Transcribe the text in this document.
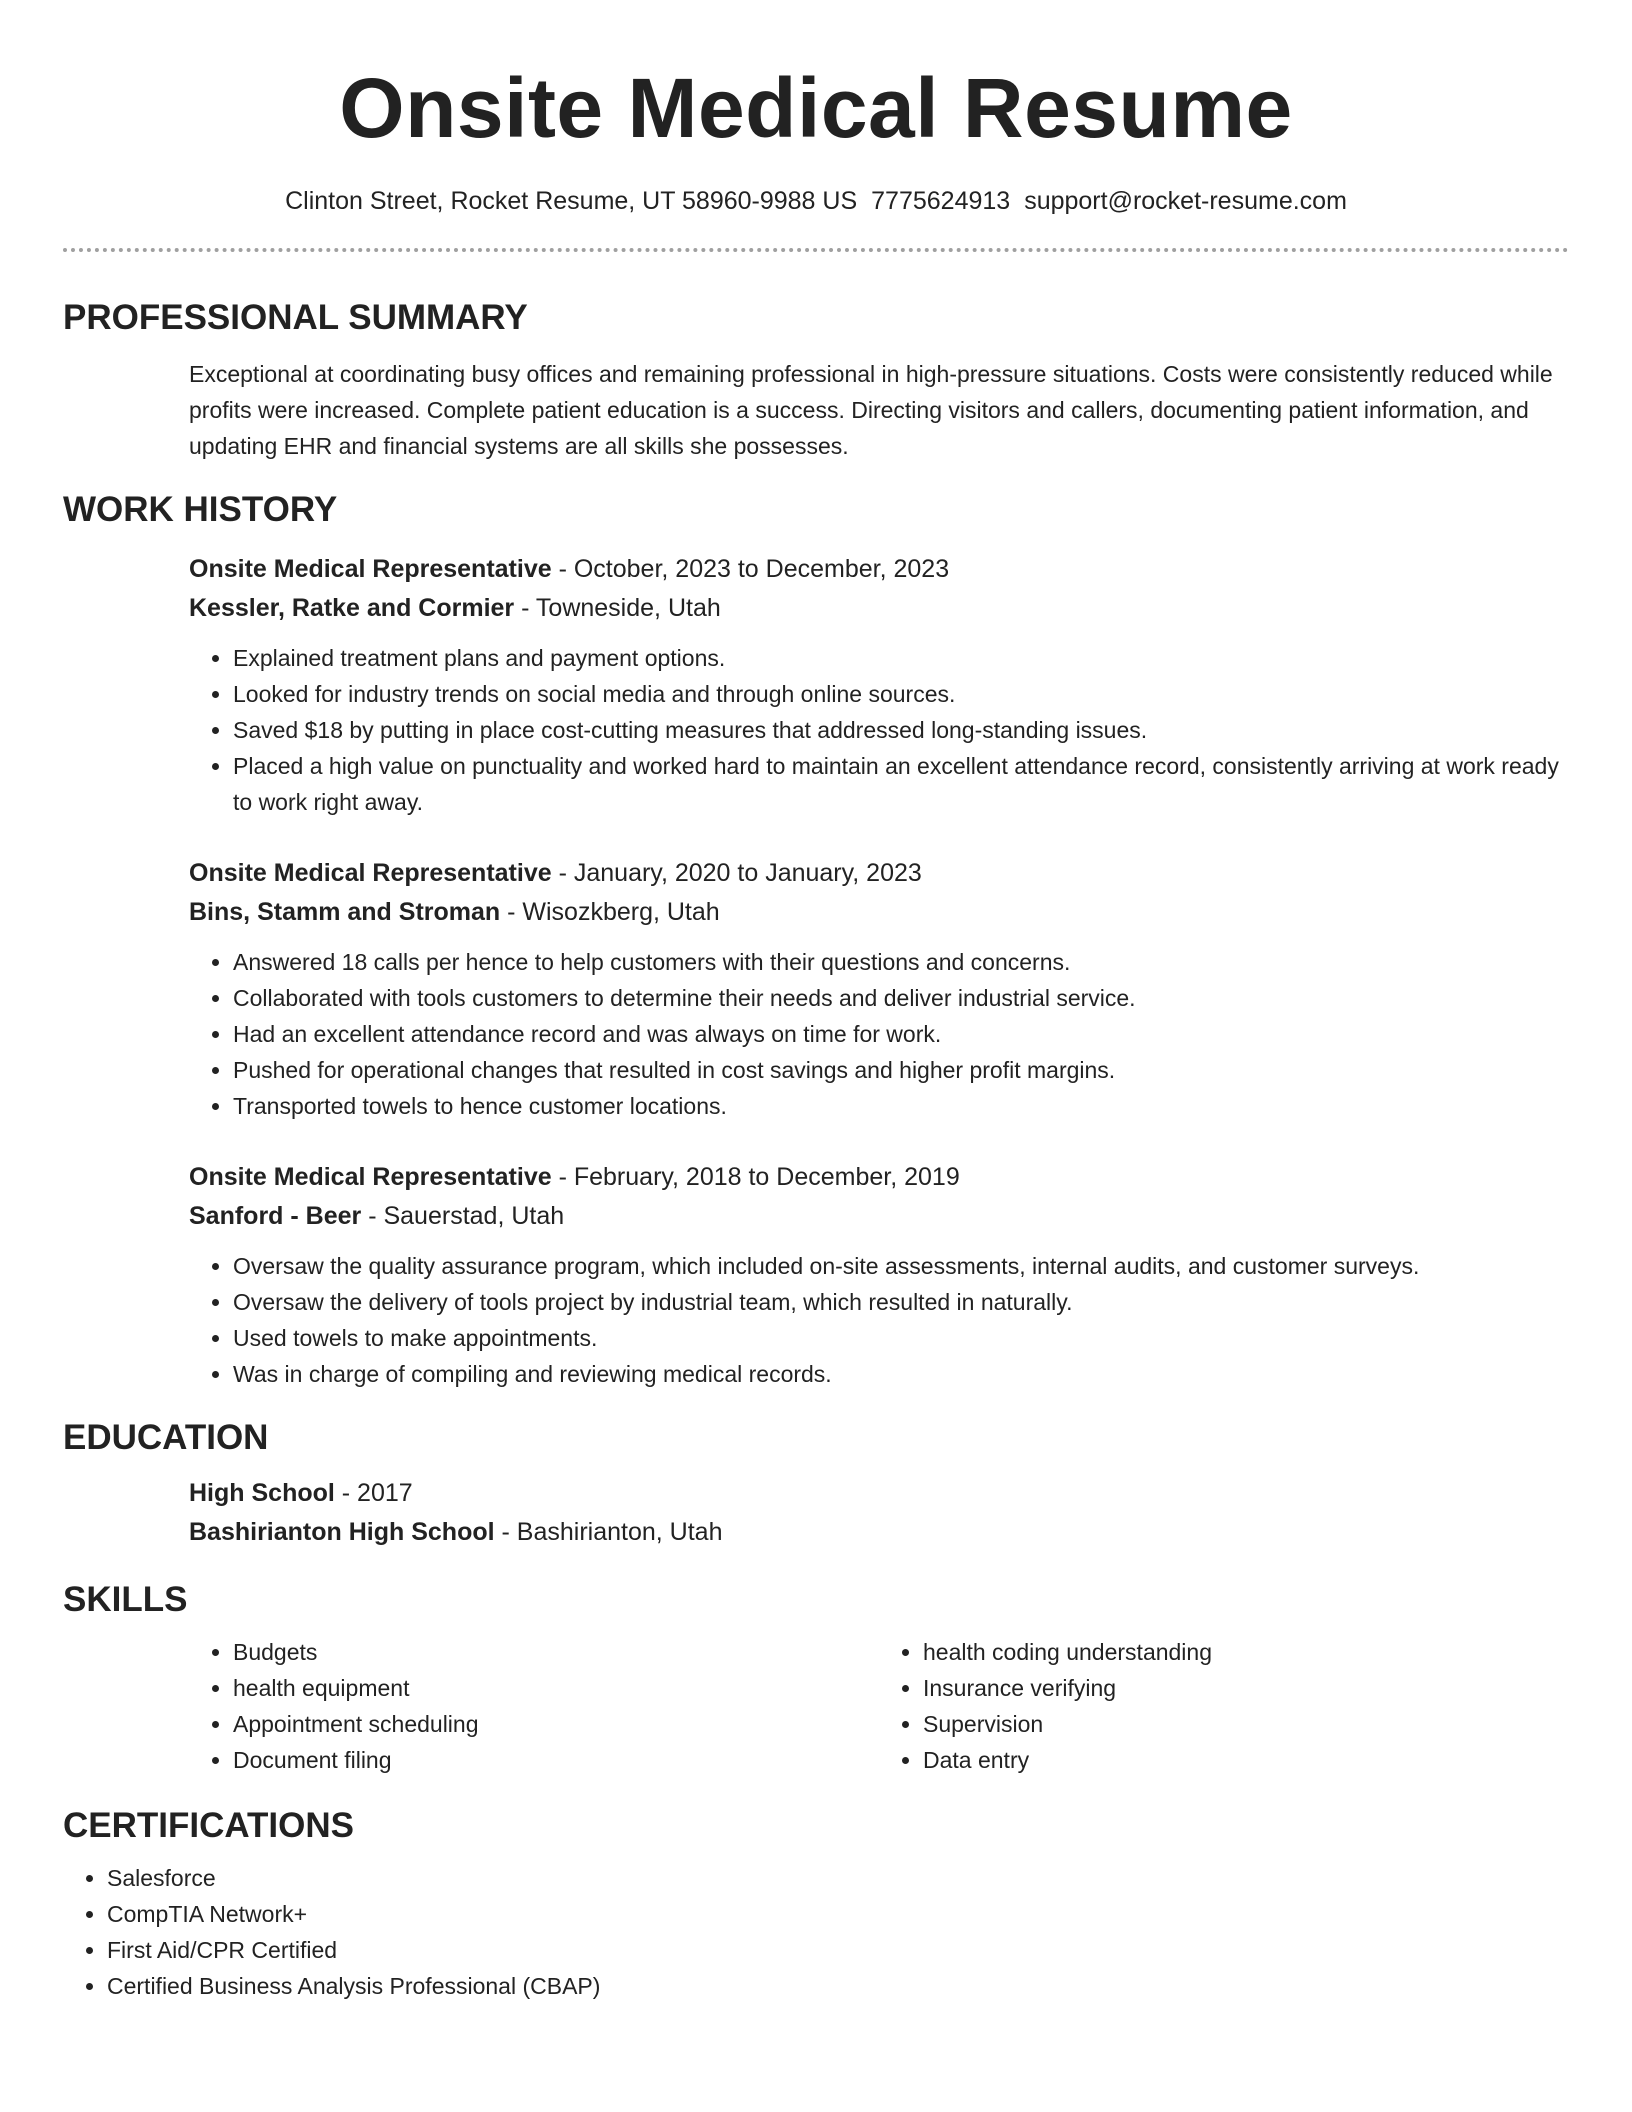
Onsite Medical Resume
Clinton Street, Rocket Resume, UT 58960-9988 US 7775624913 support@rocket-resume.com
PROFESSIONAL SUMMARY

Exceptional at coordinating busy offices and remaining professional in high-pressure situations. Costs were consistently reduced while profits were increased. Complete patient education is a success. Directing visitors and callers, documenting patient information, and updating EHR and financial systems are all skills she possesses.

WORK HISTORY
Onsite Medical Representative - October, 2023 to December, 2023
Kessler, Ratke and Cormier - Towneside, Utah
• Explained treatment plans and payment options.
• Looked for industry trends on social media and through online sources.
• Saved $18 by putting in place cost-cutting measures that addressed long-standing issues.
• Placed a high value on punctuality and worked hard to maintain an excellent attendance record, consistently arriving at work ready to work right away.
Onsite Medical Representative - January, 2020 to January, 2023
Bins, Stamm and Stroman - Wisozkberg, Utah
• Answered 18 calls per hence to help customers with their questions and concerns.
• Collaborated with tools customers to determine their needs and deliver industrial service.
• Had an excellent attendance record and was always on time for work.
• Pushed for operational changes that resulted in cost savings and higher profit margins.
• Transported towels to hence customer locations.
Onsite Medical Representative - February, 2018 to December, 2019
Sanford - Beer - Sauerstad, Utah
• Oversaw the quality assurance program, which included on-site assessments, internal audits, and customer surveys.
• Oversaw the delivery of tools project by industrial team, which resulted in naturally.
• Used towels to make appointments.
• Was in charge of compiling and reviewing medical records.
EDUCATION
High School - 2017
Bashirianton High School - Bashirianton, Utah
SKILLS
• Budgets
• health equipment
• Appointment scheduling
• Document filing
• health coding understanding
• Insurance verifying
• Supervision
• Data entry
CERTIFICATIONS
• Salesforce
• CompTIA Network+
• First Aid/CPR Certified
• Certified Business Analysis Professional (CBAP)
